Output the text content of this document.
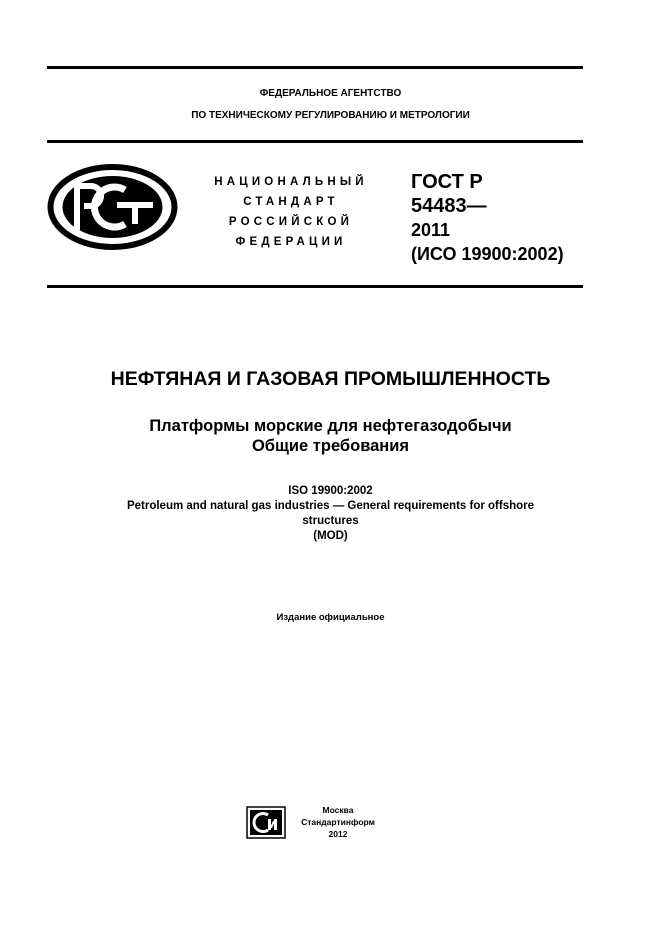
ФЕДЕРАЛЬНОЕ АГЕНТСТВО
ПО ТЕХНИЧЕСКОМУ РЕГУЛИРОВАНИЮ И МЕТРОЛОГИИ
НАЦИОНАЛЬНЫЙ
СТАНДАРТ
РОССИЙСКОЙ
ФЕДЕРАЦИИ
ГОСТ Р
54483—
2011
(ИСО 19900:2002)
НЕФТЯНАЯ И ГАЗОВАЯ ПРОМЫШЛЕННОСТЬ
Платформы морские для нефтегазодобычи
Общие требования
ISO 19900:2002
Petroleum and natural gas industries — General requirements for offshore
structures
(MOD)
Издание официальное
Москва
Стандартинформ
2012
